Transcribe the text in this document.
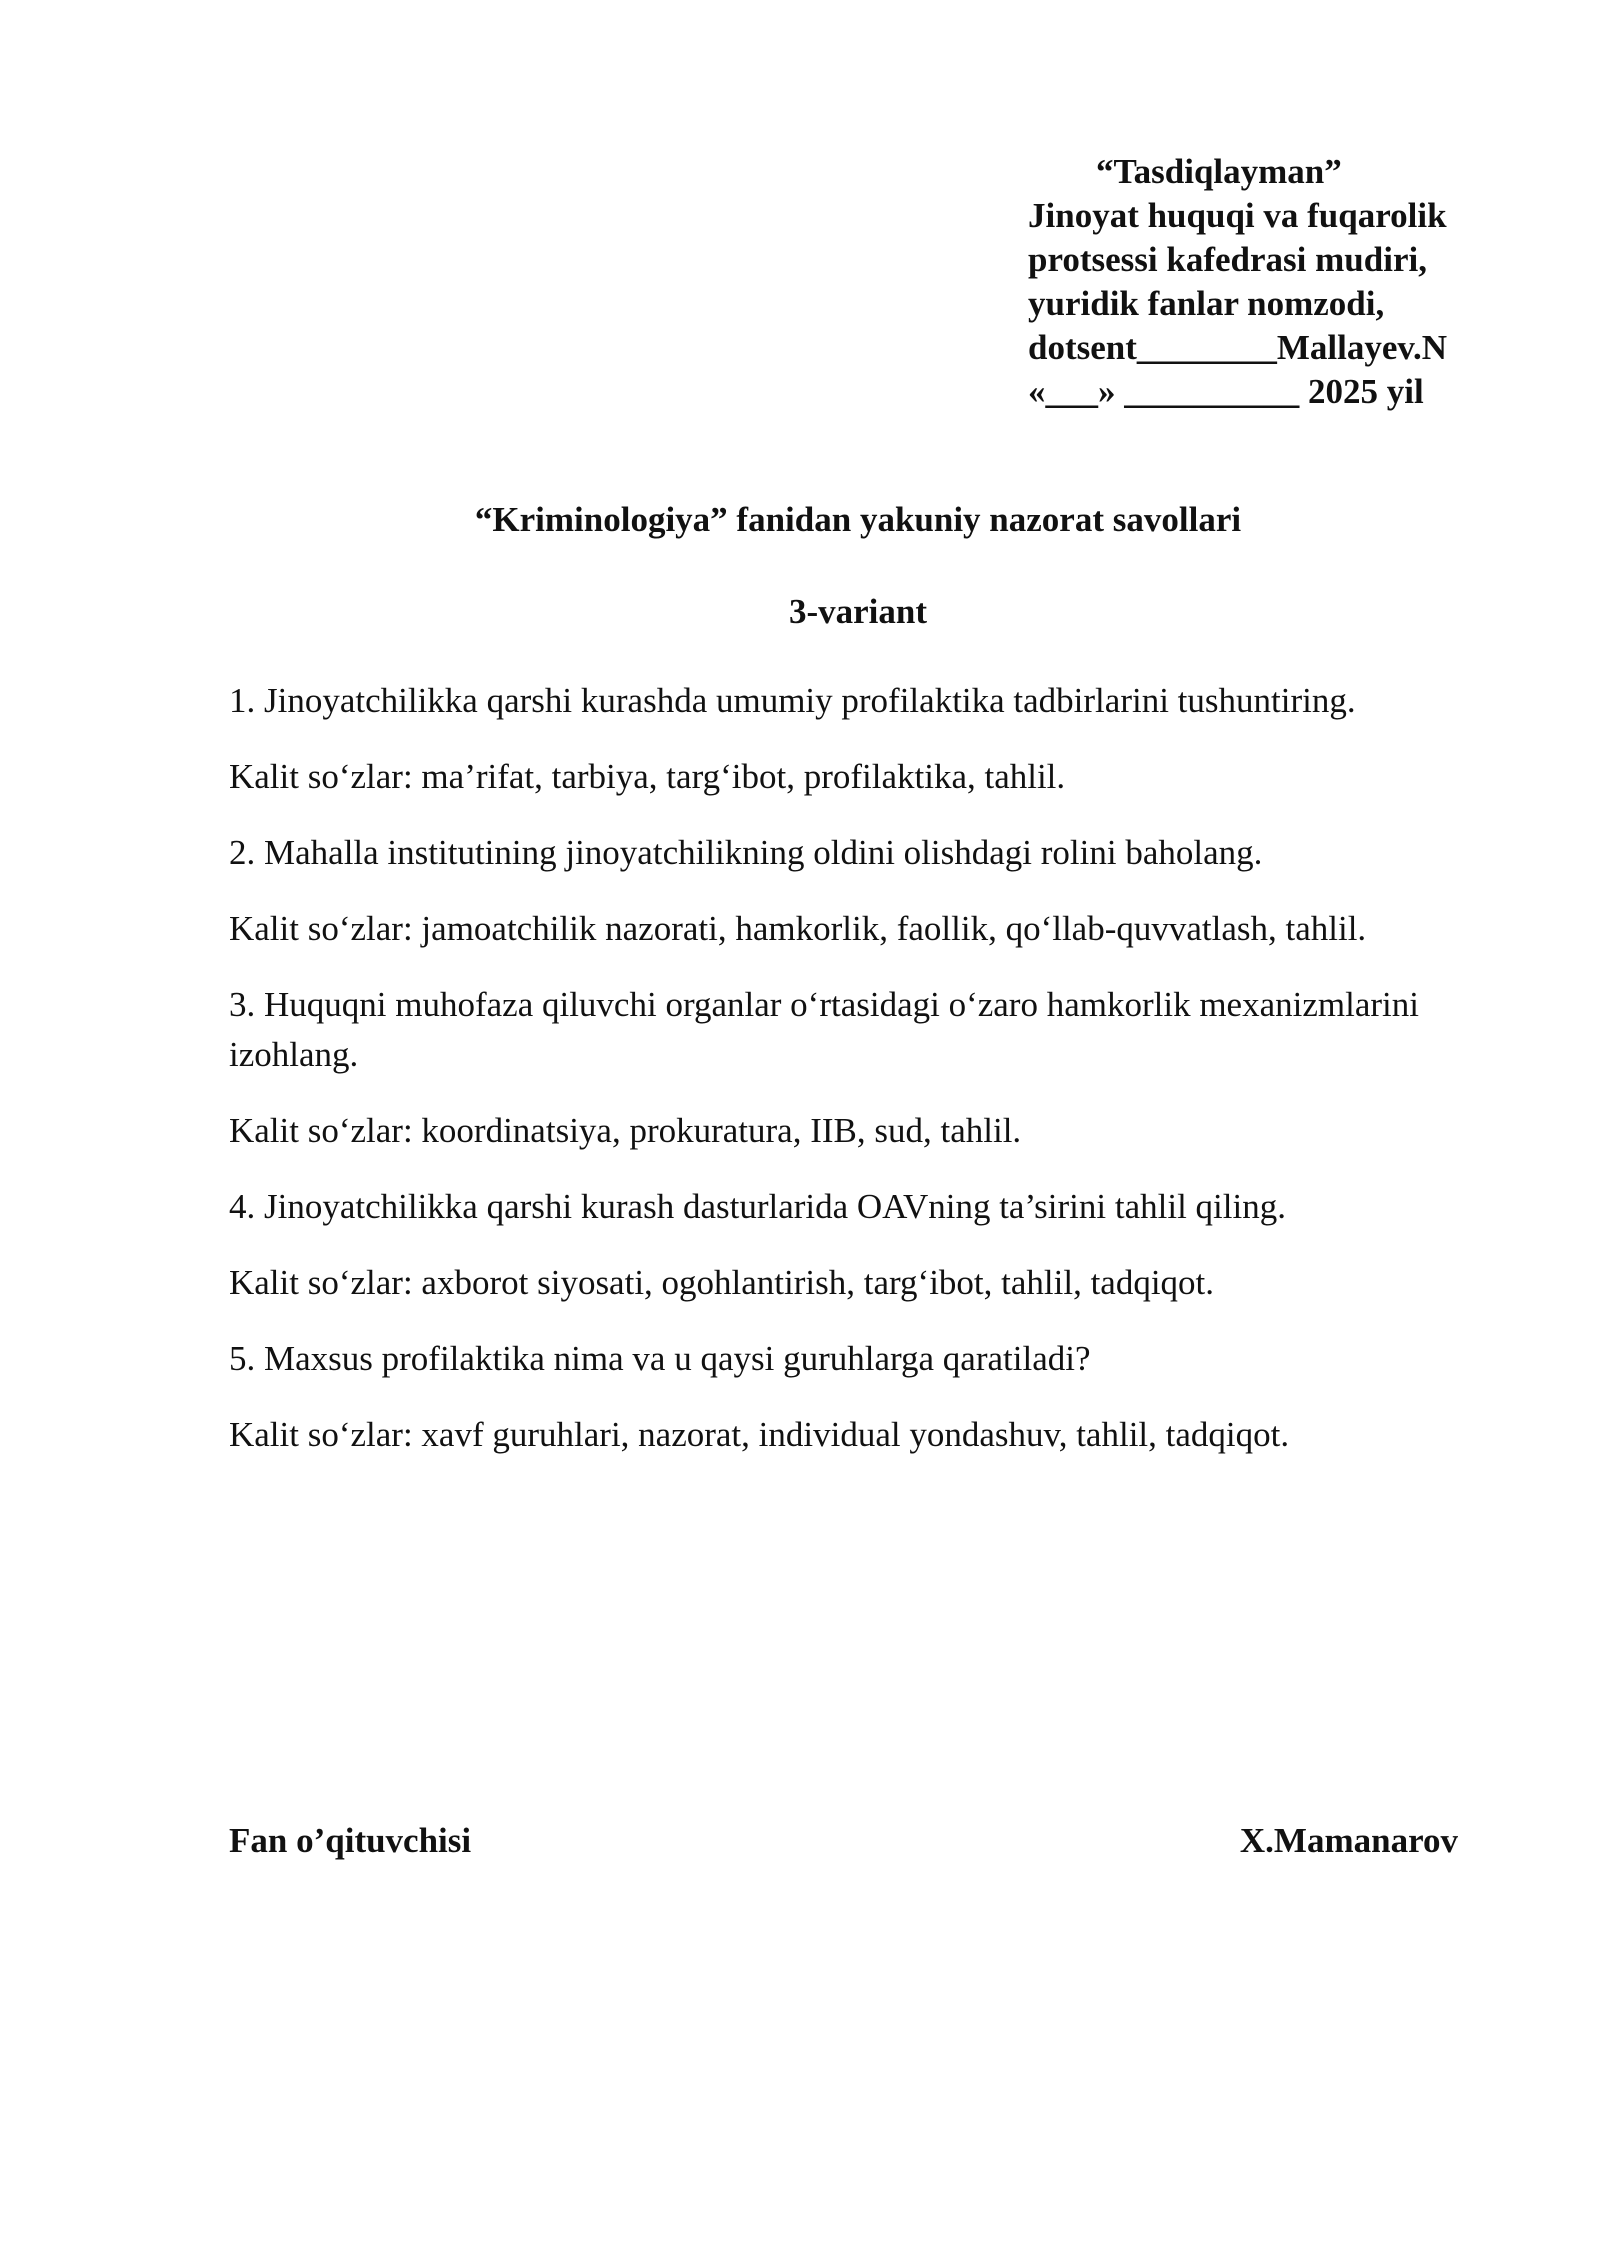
“Tasdiqlayman”
Jinoyat huquqi va fuqarolik
protsessi kafedrasi mudiri,
yuridik fanlar nomzodi,
dotsent________Mallayev.N
«___» __________ 2025 yil
“Kriminologiya” fanidan yakuniy nazorat savollari
3-variant

1. Jinoyatchilikka qarshi kurashda umumiy profilaktika tadbirlarini tushuntiring.

Kalit so‘zlar: ma’rifat, tarbiya, targ‘ibot, profilaktika, tahlil.

2. Mahalla institutining jinoyatchilikning oldini olishdagi rolini baholang.

Kalit so‘zlar: jamoatchilik nazorati, hamkorlik, faollik, qo‘llab-quvvatlash, tahlil.

3. Huquqni muhofaza qiluvchi organlar o‘rtasidagi o‘zaro hamkorlik mexanizmlarini izohlang.

Kalit so‘zlar: koordinatsiya, prokuratura, IIB, sud, tahlil.

4. Jinoyatchilikka qarshi kurash dasturlarida OAVning ta’sirini tahlil qiling.

Kalit so‘zlar: axborot siyosati, ogohlantirish, targ‘ibot, tahlil, tadqiqot.

5. Maxsus profilaktika nima va u qaysi guruhlarga qaratiladi?

Kalit so‘zlar: xavf guruhlari, nazorat, individual yondashuv, tahlil, tadqiqot.

Fan o’qituvchisi	X.Mamanarov
